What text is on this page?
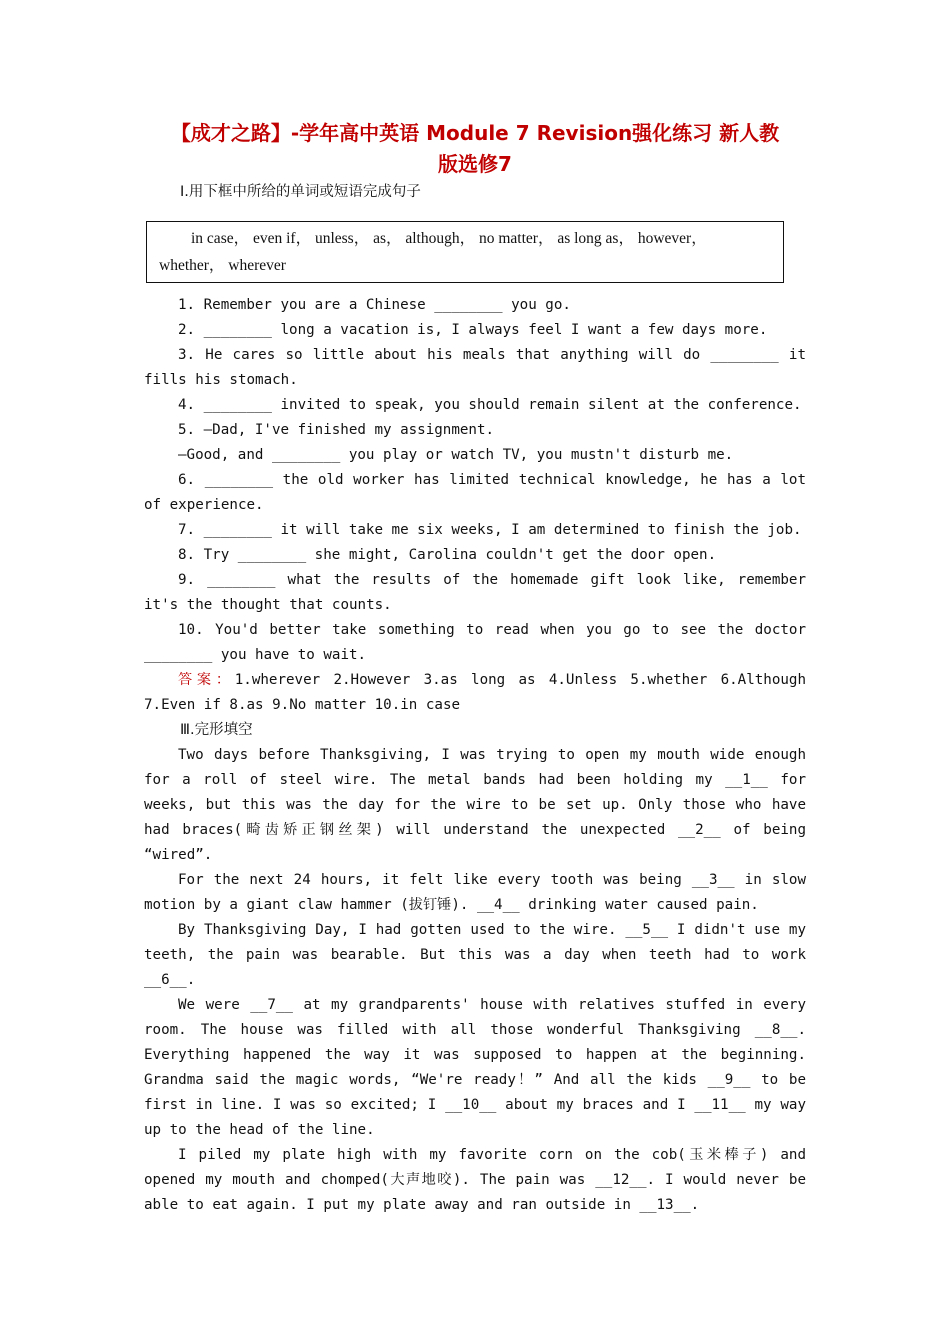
【成才之路】-学年高中英语 Module 7 Revision强化练习 新人教
版选修7
Ⅰ.用下框中所给的单词或短语完成句子
in case， even if， unless， as， although， no matter， as long as， however，
whether， wherever

1. Remember you are a Chinese ________ you go.

2. ________ long a vacation is, I always feel I want a few days more.

3. He cares so little about his meals that anything will do ________ it fills his stomach.

4. ________ invited to speak, you should remain silent at the conference.

5. —Dad, I've finished my assignment.

—Good, and ________ you play or watch TV, you mustn't disturb me.

6. ________ the old worker has limited technical knowledge, he has a lot of experience.

7. ________ it will take me six weeks, I am determined to finish the job.

8. Try ________ she might, Carolina couldn't get the door open.

9. ________ what the results of the homemade gift look like, remember it's the thought that counts.

10. You'd better take something to read when you go to see the doctor ________ you have to wait.

答案：1.wherever 2.However 3.as long as 4.Unless 5.whether 6.Although 7.Even if 8.as 9.No matter 10.in case

Ⅲ.完形填空

Two days before Thanksgiving, I was trying to open my mouth wide enough for a roll of steel wire. The metal bands had been holding my __1__ for weeks, but this was the day for the wire to be set up. Only those who have had braces(畸齿矫正钢丝架) will understand the unexpected __2__ of being “wired”.

For the next 24 hours, it felt like every tooth was being __3__ in slow motion by a giant claw hammer (拔钉锤). __4__ drinking water caused pain.

By Thanksgiving Day, I had gotten used to the wire. __5__ I didn't use my teeth, the pain was bearable. But this was a day when teeth had to work __6__.

We were __7__ at my grandparents' house with relatives stuffed in every room. The house was filled with all those wonderful Thanksgiving __8__. Everything happened the way it was supposed to happen at the beginning. Grandma said the magic words, “We're ready！” And all the kids __9__ to be first in line. I was so excited; I __10__ about my braces and I __11__ my way up to the head of the line.

I piled my plate high with my favorite corn on the cob(玉米棒子) and opened my mouth and chomped(大声地咬). The pain was __12__. I would never be able to eat again. I put my plate away and ran outside in __13__.
